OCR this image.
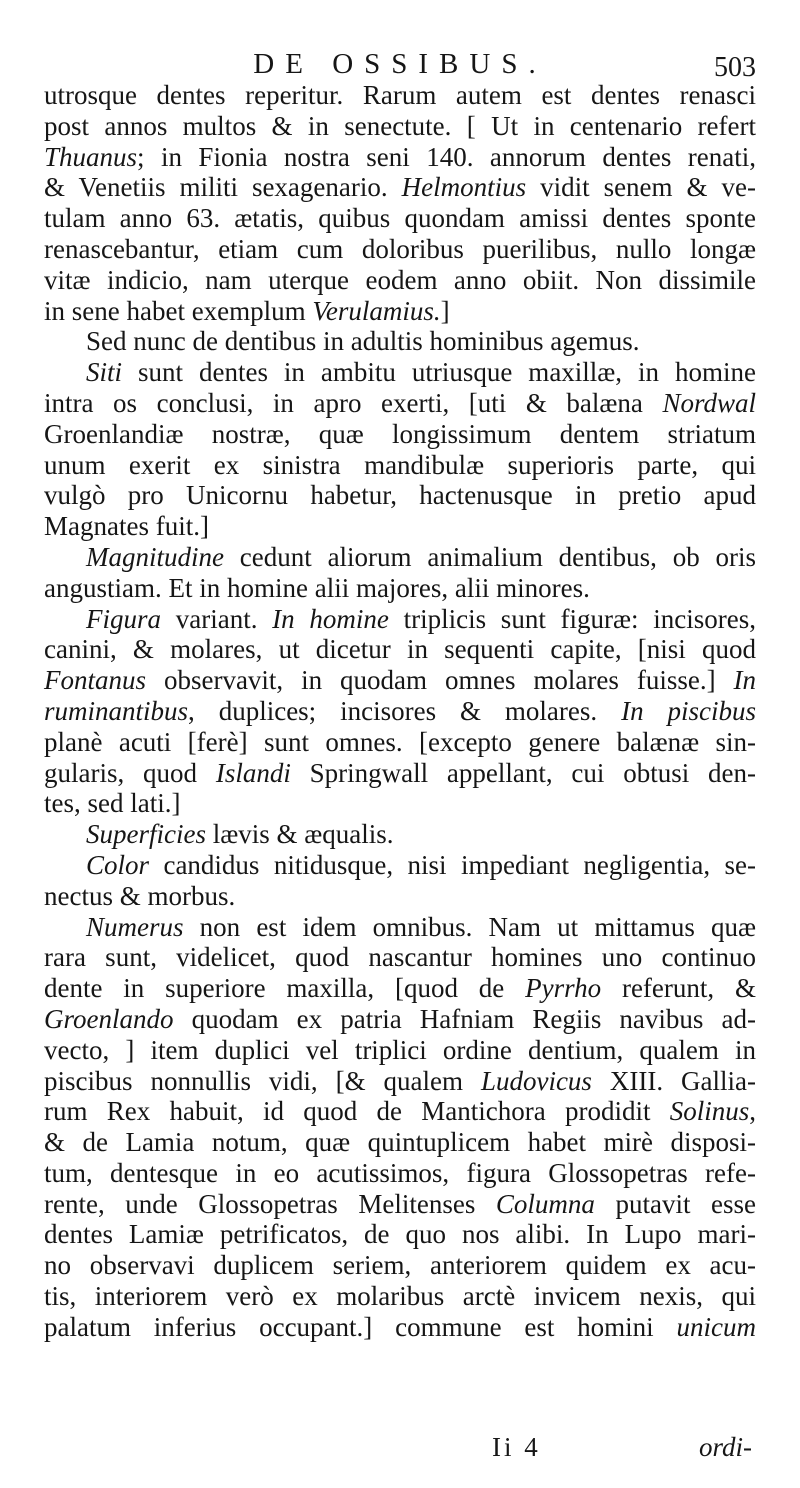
DE OSSIBUS.	503
utrosque dentes reperitur. Rarum autem est dentes renasci
post annos multos & in senectute. [ Ut in centenario refert
Thuanus; in Fionia nostra seni 140. annorum dentes renati,
& Venetiis militi sexagenario. Helmontius vidit senem & ve-
tulam anno 63. ætatis, quibus quondam amissi dentes sponte
renascebantur, etiam cum doloribus puerilibus, nullo longæ
vitæ indicio, nam uterque eodem anno obiit. Non dissimile
in sene habet exemplum Verulamius.]
Sed nunc de dentibus in adultis hominibus agemus.
Siti sunt dentes in ambitu utriusque maxillæ, in homine
intra os conclusi, in apro exerti, [uti & balæna Nordwal
Groenlandiæ nostræ, quæ longissimum dentem striatum
unum exerit ex sinistra mandibulæ superioris parte, qui
vulgò pro Unicornu habetur, hactenusque in pretio apud
Magnates fuit.]
Magnitudine cedunt aliorum animalium dentibus, ob oris
angustiam. Et in homine alii majores, alii minores.
Figura variant. In homine triplicis sunt figuræ: incisores,
canini, & molares, ut dicetur in sequenti capite, [nisi quod
Fontanus observavit, in quodam omnes molares fuisse.] In
ruminantibus, duplices; incisores & molares. In piscibus
planè acuti [ferè] sunt omnes. [excepto genere balænæ sin-
gularis, quod Islandi Springwall appellant, cui obtusi den-
tes, sed lati.]
Superficies lævis & æqualis.
Color candidus nitidusque, nisi impediant negligentia, se-
nectus & morbus.
Numerus non est idem omnibus. Nam ut mittamus quæ
rara sunt, videlicet, quod nascantur homines uno continuo
dente in superiore maxilla, [quod de Pyrrho referunt, &
Groenlando quodam ex patria Hafniam Regiis navibus ad-
vecto, ] item duplici vel triplici ordine dentium, qualem in
piscibus nonnullis vidi, [& qualem Ludovicus XIII. Gallia-
rum Rex habuit, id quod de Mantichora prodidit Solinus,
& de Lamia notum, quæ quintuplicem habet mirè disposi-
tum, dentesque in eo acutissimos, figura Glossopetras refe-
rente, unde Glossopetras Melitenses Columna putavit esse
dentes Lamiæ petrificatos, de quo nos alibi. In Lupo mari-
no observavi duplicem seriem, anteriorem quidem ex acu-
tis, interiorem verò ex molaribus arctè invicem nexis, qui
palatum inferius occupant.] commune est homini unicum
Ii 4	ordi-
